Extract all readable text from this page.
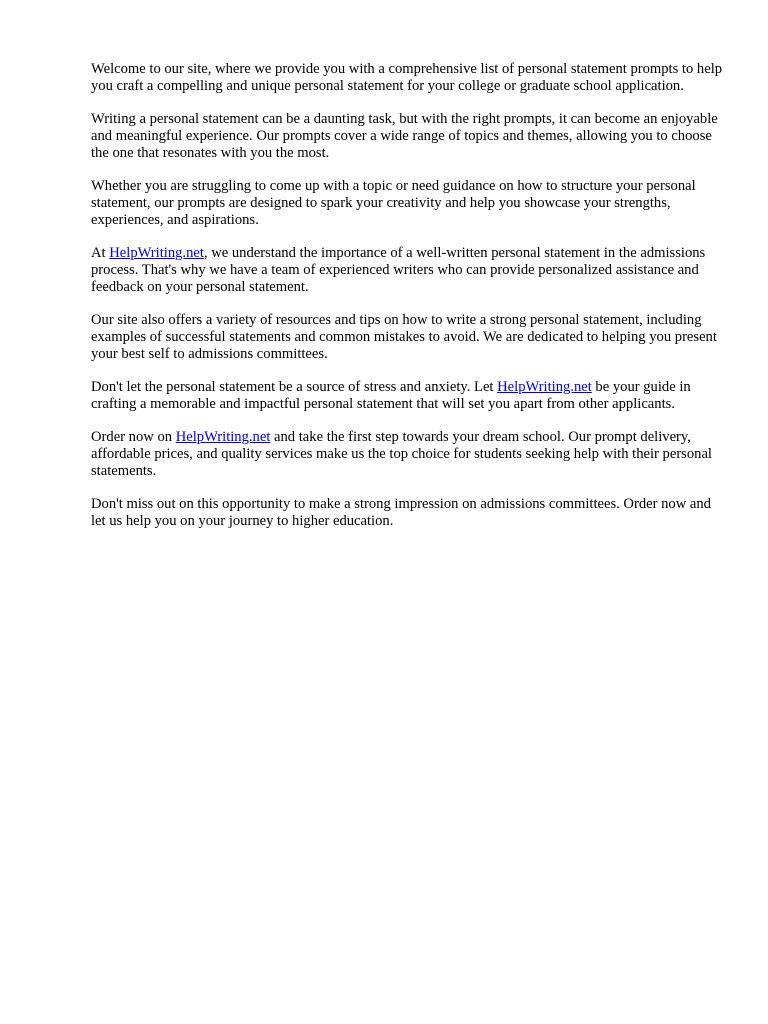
Welcome to our site, where we provide you with a comprehensive list of personal statement prompts to help you craft a compelling and unique personal statement for your college or graduate school application.

Writing a personal statement can be a daunting task, but with the right prompts, it can become an enjoyable and meaningful experience. Our prompts cover a wide range of topics and themes, allowing you to choose the one that resonates with you the most.

Whether you are struggling to come up with a topic or need guidance on how to structure your personal statement, our prompts are designed to spark your creativity and help you showcase your strengths, experiences, and aspirations.

At HelpWriting.net, we understand the importance of a well-written personal statement in the admissions process. That's why we have a team of experienced writers who can provide personalized assistance and feedback on your personal statement.

Our site also offers a variety of resources and tips on how to write a strong personal statement, including examples of successful statements and common mistakes to avoid. We are dedicated to helping you present your best self to admissions committees.

Don't let the personal statement be a source of stress and anxiety. Let HelpWriting.net be your guide in crafting a memorable and impactful personal statement that will set you apart from other applicants.

Order now on HelpWriting.net and take the first step towards your dream school. Our prompt delivery, affordable prices, and quality services make us the top choice for students seeking help with their personal statements.

Don't miss out on this opportunity to make a strong impression on admissions committees. Order now and let us help you on your journey to higher education.
